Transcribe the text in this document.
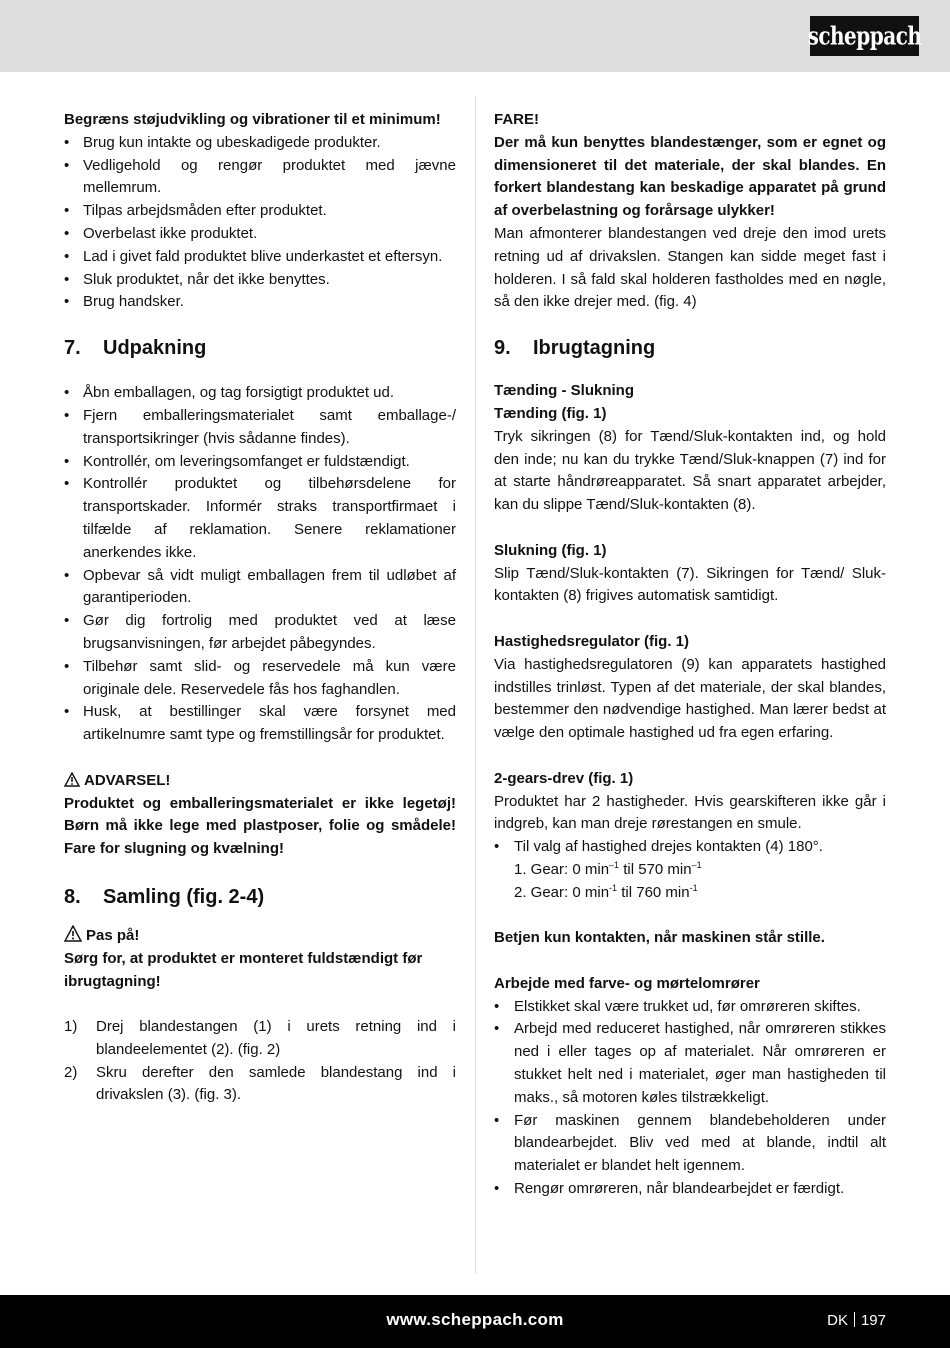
scheppach

Begræns støjudvikling og vibrationer til et minimum!

• Brug kun intakte og ubeskadigede produkter.
• Vedligehold og rengør produktet med jævne mellemrum.
• Tilpas arbejdsmåden efter produktet.
• Overbelast ikke produktet.
• Lad i givet fald produktet blive underkastet et eftersyn.
• Sluk produktet, når det ikke benyttes.
• Brug handsker.
7.	Udpakning
• Åbn emballagen, og tag forsigtigt produktet ud.
• Fjern emballeringsmaterialet samt emballage-/ transportsikringer (hvis sådanne findes).
• Kontrollér, om leveringsomfanget er fuldstændigt.
• Kontrollér produktet og tilbehørsdelene for transportskader. Informér straks transportfirmaet i tilfælde af reklamation. Senere reklamationer anerkendes ikke.
• Opbevar så vidt muligt emballagen frem til udløbet af garantiperioden.
• Gør dig fortrolig med produktet ved at læse brugsanvisningen, før arbejdet påbegyndes.
• Tilbehør samt slid- og reservedele må kun være originale dele. Reservedele fås hos faghandlen.
• Husk, at bestillinger skal være forsynet med artikelnumre samt type og fremstillingsår for produktet.

ADVARSEL!

Produktet og emballeringsmaterialet er ikke legetøj! Børn må ikke lege med plastposer, folie og smådele! Fare for slugning og kvælning!

8.	Samling (fig. 2-4)

Pas på!

Sørg for, at produktet er monteret fuldstændigt før ibrugtagning!

1) Drej blandestangen (1) i urets retning ind i blandeelementet (2). (fig. 2)
2) Skru derefter den samlede blandestang ind i drivakslen (3). (fig. 3).

FARE!

Der må kun benyttes blandestænger, som er egnet og dimensioneret til det materiale, der skal blandes. En forkert blandestang kan beskadige apparatet på grund af overbelastning og forårsage ulykker!

Man afmonterer blandestangen ved dreje den imod urets retning ud af drivakslen. Stangen kan sidde meget fast i holderen. I så fald skal holderen fastholdes med en nøgle, så den ikke drejer med. (fig. 4)

9.	Ibrugtagning

Tænding - Slukning

Tænding (fig. 1)

Tryk sikringen (8) for Tænd/Sluk-kontakten ind, og hold den inde; nu kan du trykke Tænd/Sluk-knappen (7) ind for at starte håndrøreapparatet. Så snart apparatet arbejder, kan du slippe Tænd/Sluk-kontakten (8).

Slukning (fig. 1)

Slip Tænd/Sluk-kontakten (7). Sikringen for Tænd/ Sluk-kontakten (8) frigives automatisk samtidigt.

Hastighedsregulator (fig. 1)

Via hastighedsregulatoren (9) kan apparatets hastighed indstilles trinløst. Typen af det materiale, der skal blandes, bestemmer den nødvendige hastighed. Man lærer bedst at vælge den optimale hastighed ud fra egen erfaring.

2-gears-drev (fig. 1)

Produktet har 2 hastigheder. Hvis gearskifteren ikke går i indgreb, kan man dreje rørestangen en smule.

• Til valg af hastighed drejes kontakten (4) 180°.

1. Gear: 0 $\min^{-1}$ til 570 $\min^{-1}$

2. Gear: 0 $\min^{-1}$ til 760 $\min^{-1}$

Betjen kun kontakten, når maskinen står stille.

Arbejde med farve- og mørtelomrører

• Elstikket skal være trukket ud, før omrøreren skiftes.
• Arbejd med reduceret hastighed, når omrøreren stikkes ned i eller tages op af materialet. Når omrøreren er stukket helt ned i materialet, øger man hastigheden til maks., så motoren køles tilstrækkeligt.
• Før maskinen gennem blandebeholderen under blandearbejdet. Bliv ved med at blande, indtil alt materialet er blandet helt igennem.
• Rengør omrøreren, når blandearbejdet er færdigt.
www.scheppach.com	DK 197
